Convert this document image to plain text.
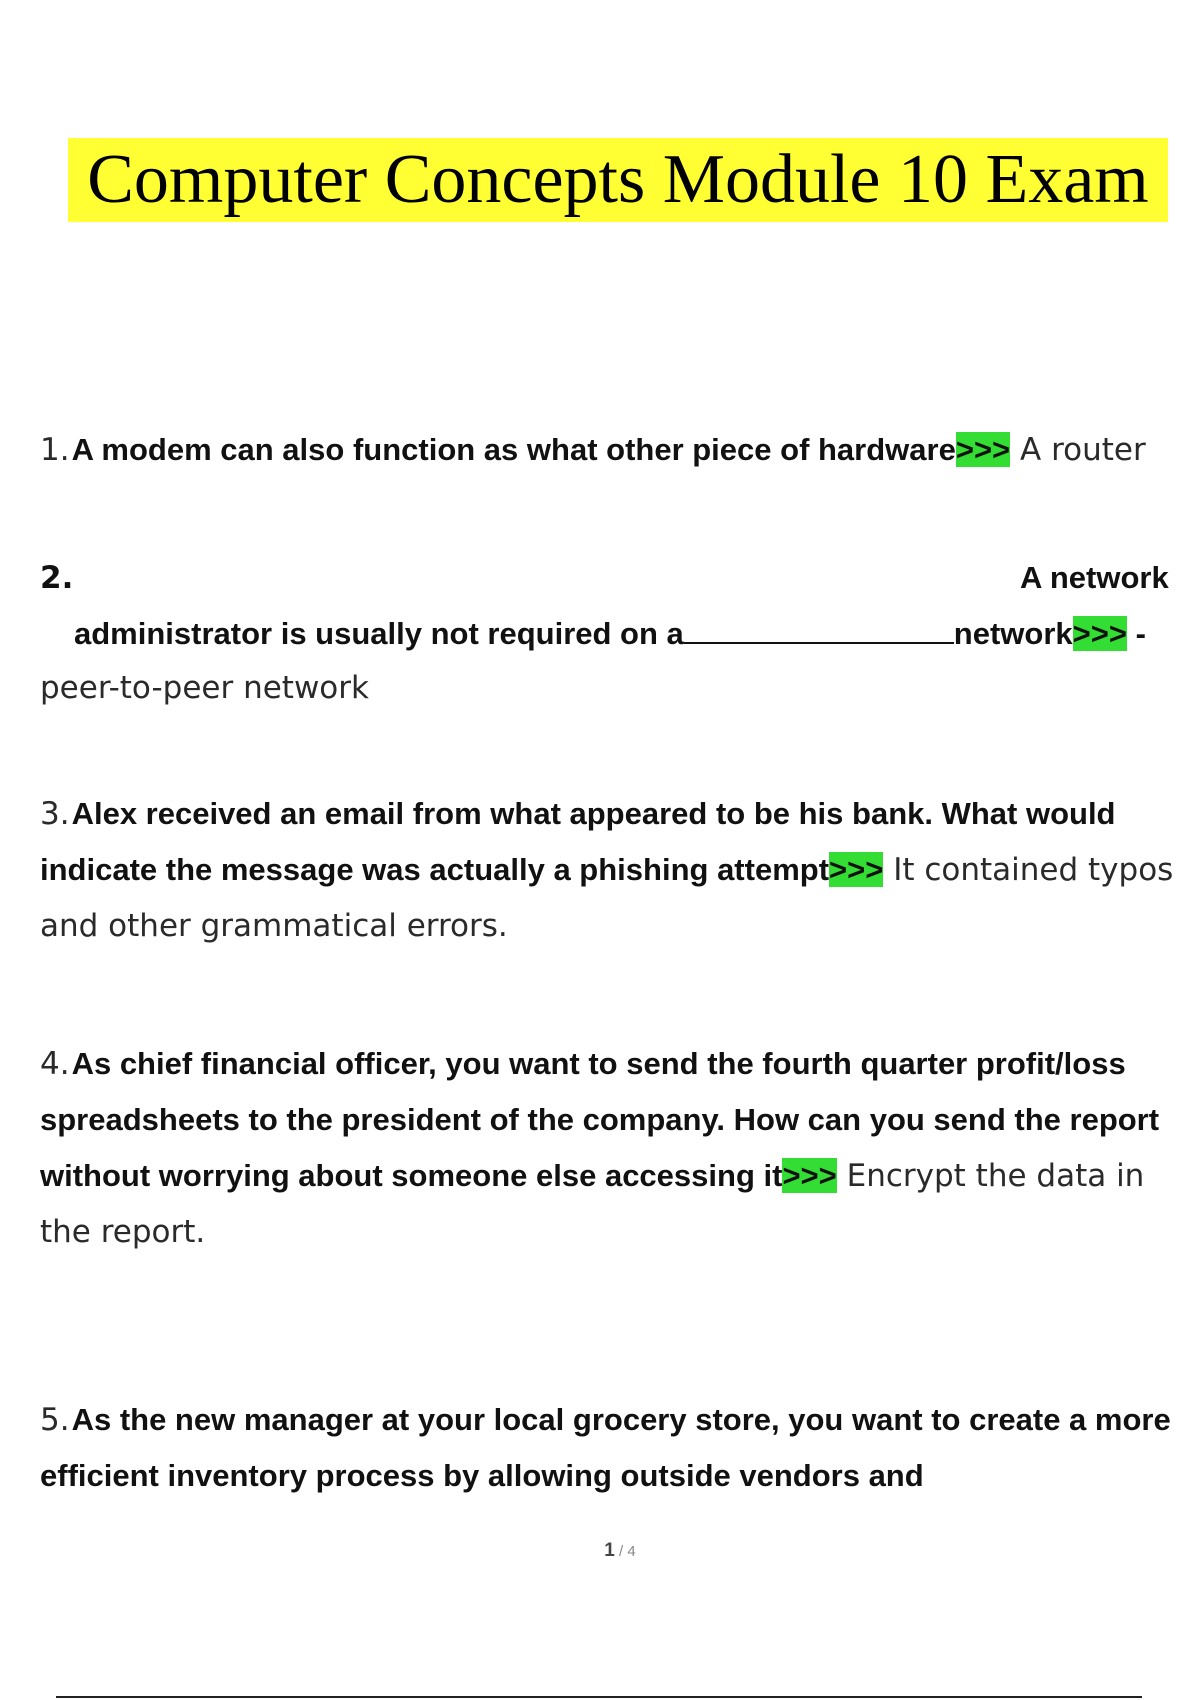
Computer Concepts Module 10 Exam
1.A modem can also function as what other piece of hardware>>> A router
2.	A network
administrator is usually not required on a	network>>> -
peer-to-peer network
3.Alex received an email from what appeared to be his bank. What would indicate the message was actually a phishing attempt>>> It contained typos and other grammatical errors.
4.As chief financial officer, you want to send the fourth quarter profit/loss spreadsheets to the president of the company. How can you send the report without worrying about someone else accessing it>>> Encrypt the data in the report.
5.As the new manager at your local grocery store, you want to create a more efficient inventory process by allowing outside vendors and
1 / 4
